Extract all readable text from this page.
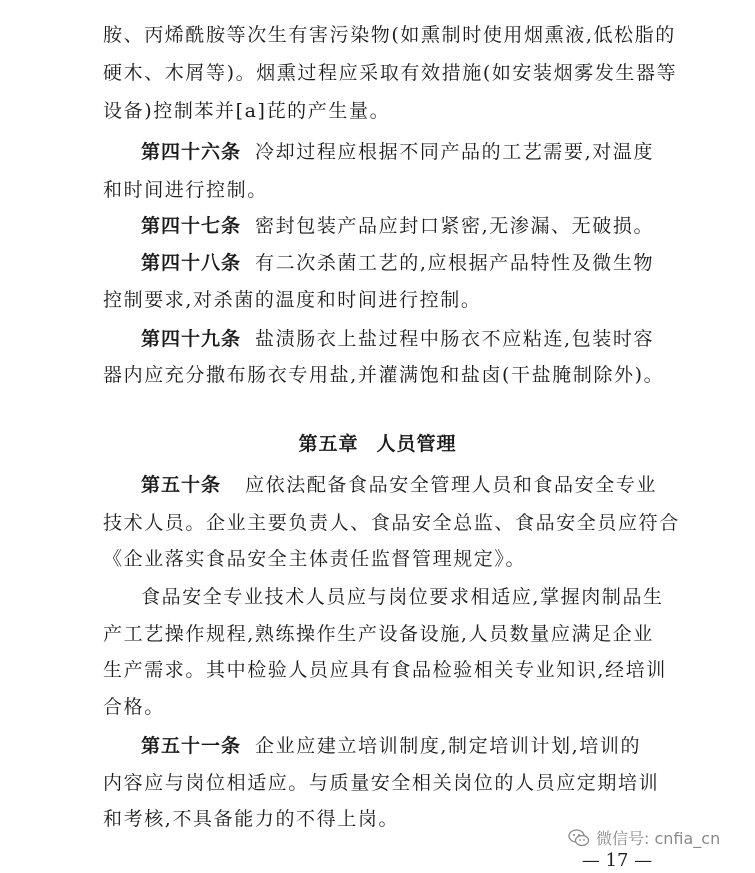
胺、丙烯酰胺等次生有害污染物(如熏制时使用烟熏液,低松脂的
硬木、木屑等)。烟熏过程应采取有效措施(如安装烟雾发生器等
设备)控制苯并[a]芘的产生量。
第四十六条 冷却过程应根据不同产品的工艺需要,对温度
和时间进行控制。
第四十七条 密封包装产品应封口紧密,无渗漏、无破损。
第四十八条 有二次杀菌工艺的,应根据产品特性及微生物
控制要求,对杀菌的温度和时间进行控制。
第四十九条 盐渍肠衣上盐过程中肠衣不应粘连,包装时容
器内应充分撒布肠衣专用盐,并灌满饱和盐卤(干盐腌制除外)。
第五章 人员管理
第五十条 应依法配备食品安全管理人员和食品安全专业
技术人员。企业主要负责人、食品安全总监、食品安全员应符合
《企业落实食品安全主体责任监督管理规定》。
食品安全专业技术人员应与岗位要求相适应,掌握肉制品生
产工艺操作规程,熟练操作生产设备设施,人员数量应满足企业
生产需求。其中检验人员应具有食品检验相关专业知识,经培训
合格。
第五十一条 企业应建立培训制度,制定培训计划,培训的
内容应与岗位相适应。与质量安全相关岗位的人员应定期培训
和考核,不具备能力的不得上岗。
微信号: cnfia_cn
— 17 —
